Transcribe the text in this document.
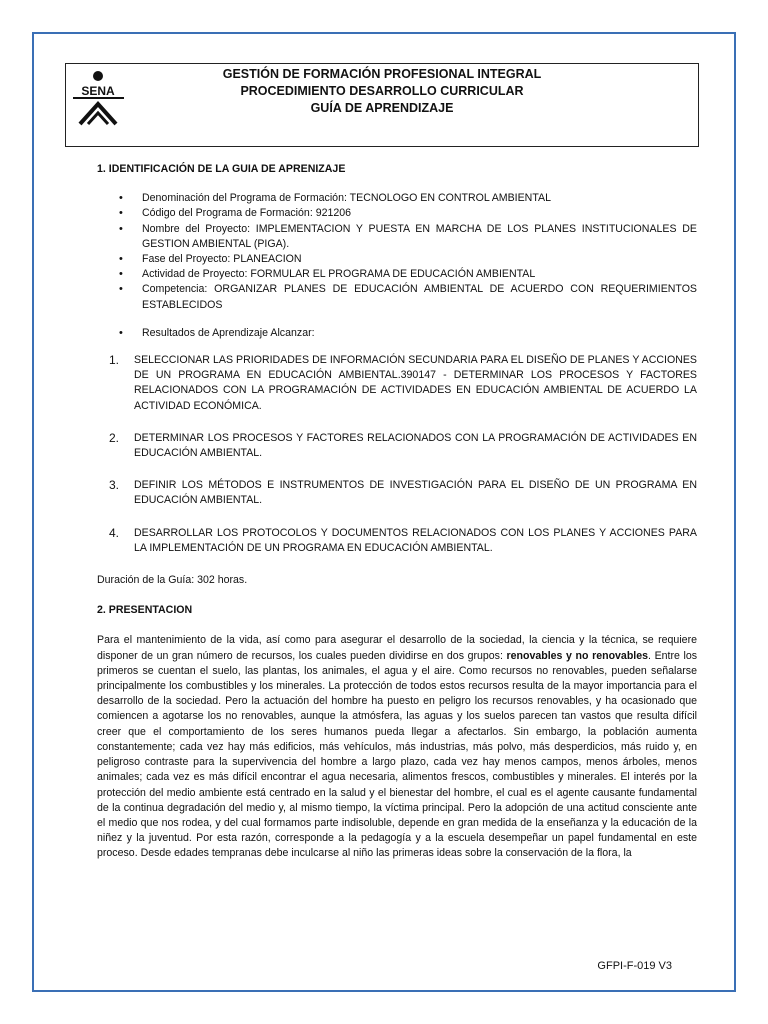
SENA
GESTIÓN DE FORMACIÓN PROFESIONAL INTEGRAL
PROCEDIMIENTO DESARROLLO CURRICULAR
GUÍA DE APRENDIZAJE
1. IDENTIFICACIÓN DE LA GUIA DE APRENIZAJE
• Denominación del Programa de Formación: TECNOLOGO EN CONTROL AMBIENTAL
• Código del Programa de Formación: 921206
• Nombre del Proyecto: IMPLEMENTACION Y PUESTA EN MARCHA DE LOS PLANES INSTITUCIONALES DE GESTION AMBIENTAL (PIGA).
• Fase del Proyecto: PLANEACION
• Actividad de Proyecto: FORMULAR EL PROGRAMA DE EDUCACIÓN AMBIENTAL
• Competencia: ORGANIZAR PLANES DE EDUCACIÓN AMBIENTAL DE ACUERDO CON REQUERIMIENTOS ESTABLECIDOS
• Resultados de Aprendizaje Alcanzar:
1. SELECCIONAR LAS PRIORIDADES DE INFORMACIÓN SECUNDARIA PARA EL DISEÑO DE PLANES Y ACCIONES DE UN PROGRAMA EN EDUCACIÓN AMBIENTAL.390147 - DETERMINAR LOS PROCESOS Y FACTORES RELACIONADOS CON LA PROGRAMACIÓN DE ACTIVIDADES EN EDUCACIÓN AMBIENTAL DE ACUERDO LA ACTIVIDAD ECONÓMICA.
2. DETERMINAR LOS PROCESOS Y FACTORES RELACIONADOS CON LA PROGRAMACIÓN DE ACTIVIDADES EN EDUCACIÓN AMBIENTAL.
3. DEFINIR LOS MÉTODOS E INSTRUMENTOS DE INVESTIGACIÓN PARA EL DISEÑO DE UN PROGRAMA EN EDUCACIÓN AMBIENTAL.
4. DESARROLLAR LOS PROTOCOLOS Y DOCUMENTOS RELACIONADOS CON LOS PLANES Y ACCIONES PARA LA IMPLEMENTACIÓN DE UN PROGRAMA EN EDUCACIÓN AMBIENTAL.
Duración de la Guía: 302 horas.
2. PRESENTACION

Para el mantenimiento de la vida, así como para asegurar el desarrollo de la sociedad, la ciencia y la técnica, se requiere disponer de un gran número de recursos, los cuales pueden dividirse en dos grupos: renovables y no renovables. Entre los primeros se cuentan el suelo, las plantas, los animales, el agua y el aire. Como recursos no renovables, pueden señalarse principalmente los combustibles y los minerales. La protección de todos estos recursos resulta de la mayor importancia para el desarrollo de la sociedad. Pero la actuación del hombre ha puesto en peligro los recursos renovables, y ha ocasionado que comiencen a agotarse los no renovables, aunque la atmósfera, las aguas y los suelos parecen tan vastos que resulta difícil creer que el comportamiento de los seres humanos pueda llegar a afectarlos. Sin embargo, la población aumenta constantemente; cada vez hay más edificios, más vehículos, más industrias, más polvo, más desperdicios, más ruido y, en peligroso contraste para la supervivencia del hombre a largo plazo, cada vez hay menos campos, menos árboles, menos animales; cada vez es más difícil encontrar el agua necesaria, alimentos frescos, combustibles y minerales. El interés por la protección del medio ambiente está centrado en la salud y el bienestar del hombre, el cual es el agente causante fundamental de la continua degradación del medio y, al mismo tiempo, la víctima principal. Pero la adopción de una actitud consciente ante el medio que nos rodea, y del cual formamos parte indisoluble, depende en gran medida de la enseñanza y la educación de la niñez y la juventud. Por esta razón, corresponde a la pedagogía y a la escuela desempeñar un papel fundamental en este proceso. Desde edades tempranas debe inculcarse al niño las primeras ideas sobre la conservación de la flora, la

GFPI-F-019 V3
